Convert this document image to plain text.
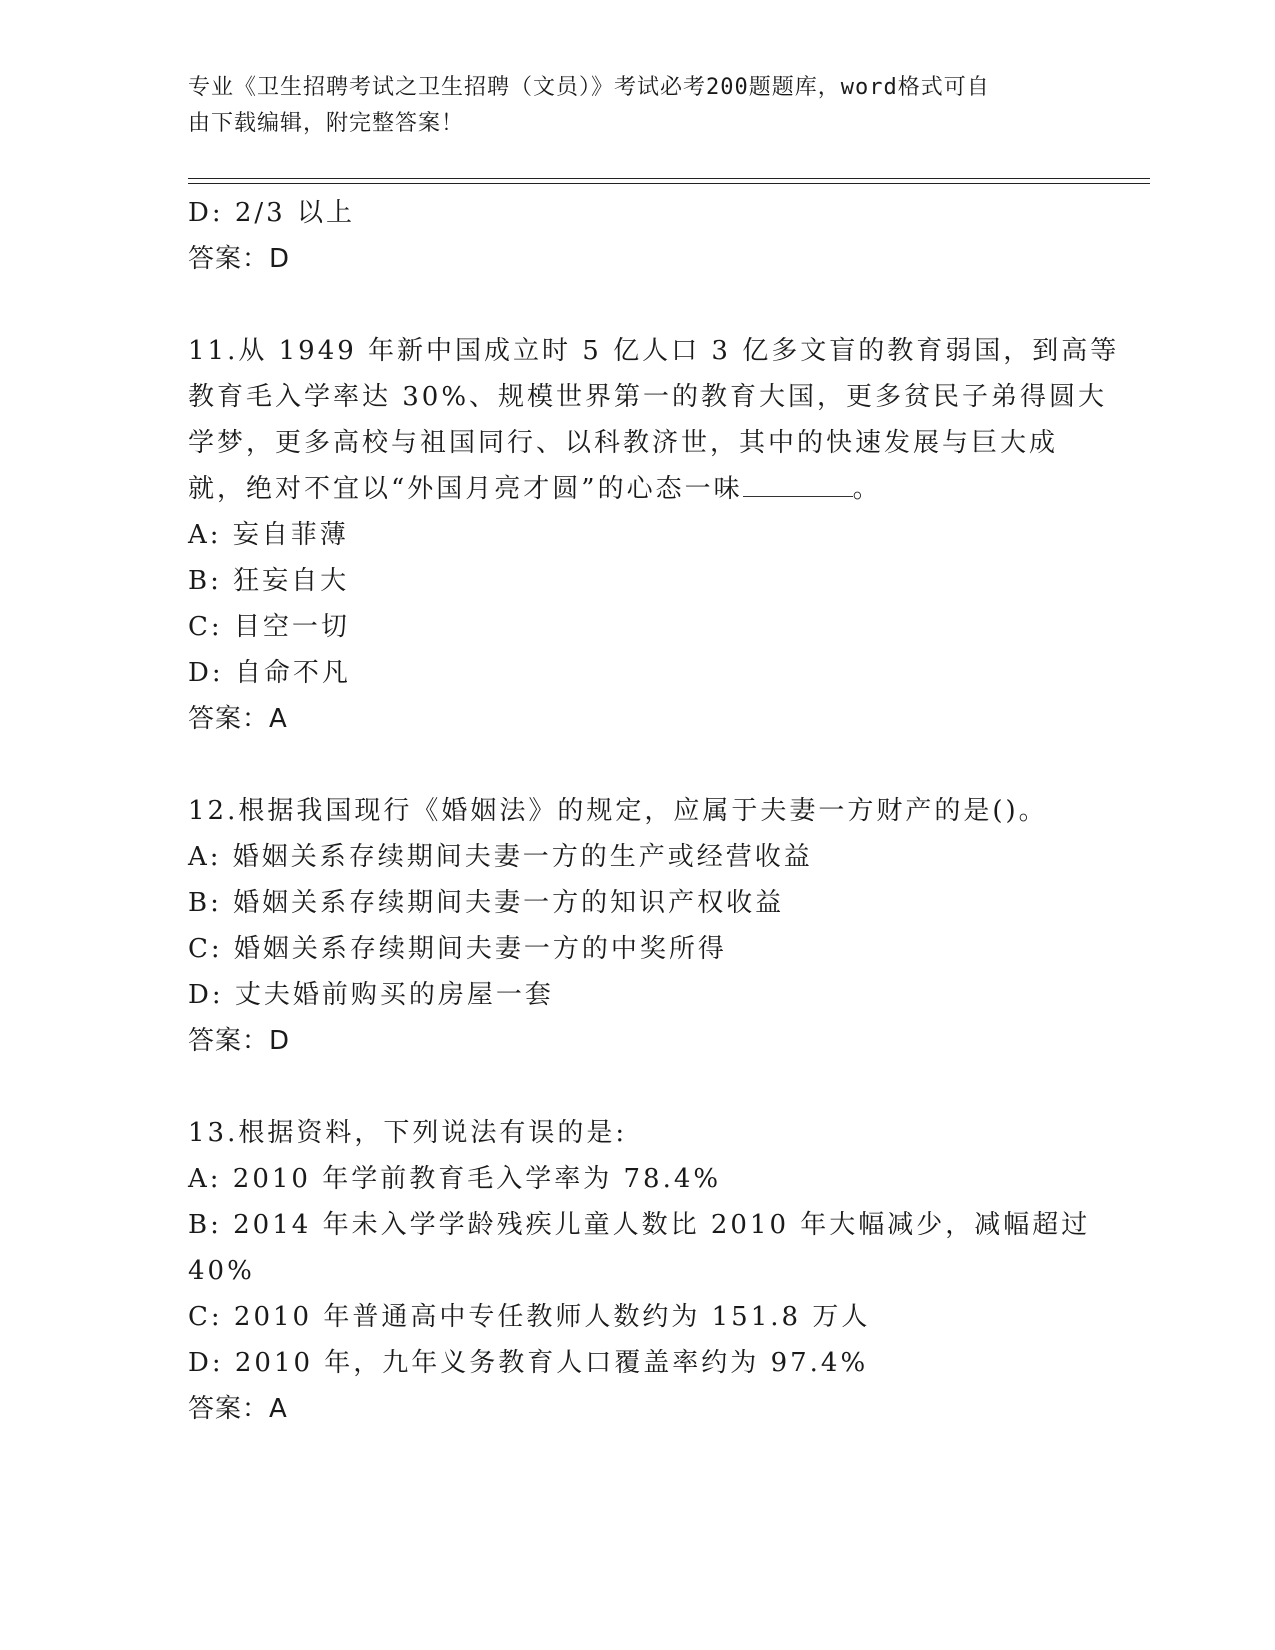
专业《卫生招聘考试之卫生招聘（文员）》考试必考200题题库，word格式可自
由下载编辑，附完整答案！
D: 2/3 以上
答案：D
11.从 1949 年新中国成立时 5 亿人口 3 亿多文盲的教育弱国，到高等
教育毛入学率达 30%、规模世界第一的教育大国，更多贫民子弟得圆大
学梦，更多高校与祖国同行、以科教济世，其中的快速发展与巨大成
就，绝对不宜以“外国月亮才圆”的心态一味	。
A: 妄自菲薄
B: 狂妄自大
C: 目空一切
D: 自命不凡
答案：A
12.根据我国现行《婚姻法》的规定，应属于夫妻一方财产的是()。
A: 婚姻关系存续期间夫妻一方的生产或经营收益
B: 婚姻关系存续期间夫妻一方的知识产权收益
C: 婚姻关系存续期间夫妻一方的中奖所得
D: 丈夫婚前购买的房屋一套
答案：D
13.根据资料，下列说法有误的是:
A: 2010 年学前教育毛入学率为 78.4%
B: 2014 年未入学学龄残疾儿童人数比 2010 年大幅减少，减幅超过
40%
C: 2010 年普通高中专任教师人数约为 151.8 万人
D: 2010 年，九年义务教育人口覆盖率约为 97.4%
答案：A
